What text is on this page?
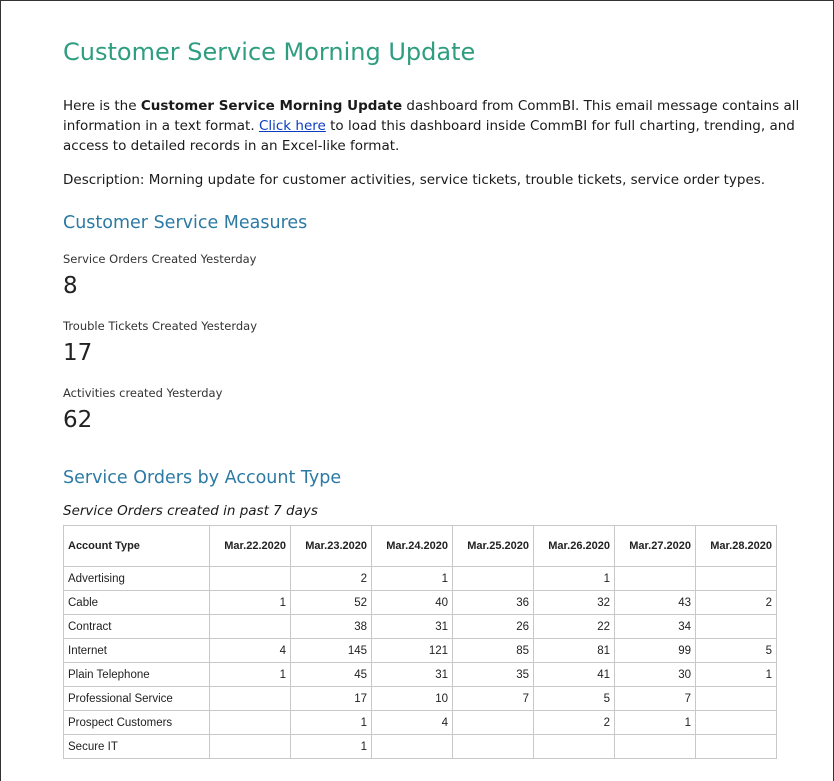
Customer Service Morning Update

Here is the Customer Service Morning Update dashboard from CommBI. This email message contains all information in a text format. Click here to load this dashboard inside CommBI for full charting, trending, and access to detailed records in an Excel-like format.

Description: Morning update for customer activities, service tickets, trouble tickets, service order types.
Customer Service Measures
Service Orders Created Yesterday
8
Trouble Tickets Created Yesterday
17
Activities created Yesterday
62
Service Orders by Account Type
Service Orders created in past 7 days
Account Type	Mar.22.2020	Mar.23.2020	Mar.24.2020	Mar.25.2020	Mar.26.2020	Mar.27.2020	Mar.28.2020
Advertising		2	1		1		
Cable	1	52	40	36	32	43	2
Contract		38	31	26	22	34	
Internet	4	145	121	85	81	99	5
Plain Telephone	1	45	31	35	41	30	1
Professional Service		17	10	7	5	7	
Prospect Customers		1	4		2	1	
Secure IT		1					
